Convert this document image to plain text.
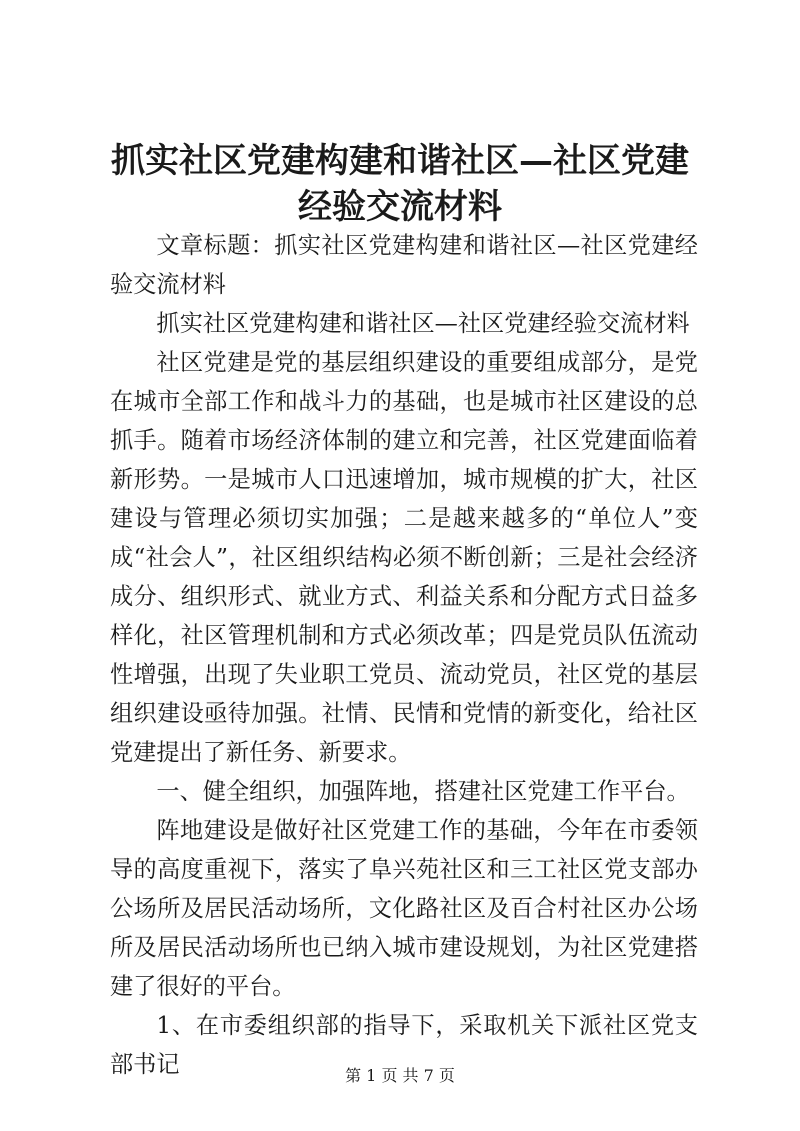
抓实社区党建构建和谐社区—社区党建经验交流材料

文章标题：抓实社区党建构建和谐社区—社区党建经验交流材料

抓实社区党建构建和谐社区—社区党建经验交流材料

社区党建是党的基层组织建设的重要组成部分，是党在城市全部工作和战斗力的基础，也是城市社区建设的总抓手。随着市场经济体制的建立和完善，社区党建面临着新形势。一是城市人口迅速增加，城市规模的扩大，社区建设与管理必须切实加强；二是越来越多的“单位人”变成“社会人”，社区组织结构必须不断创新；三是社会经济成分、组织形式、就业方式、利益关系和分配方式日益多样化，社区管理机制和方式必须改革；四是党员队伍流动性增强，出现了失业职工党员、流动党员，社区党的基层组织建设亟待加强。社情、民情和党情的新变化，给社区党建提出了新任务、新要求。

一、健全组织，加强阵地，搭建社区党建工作平台。

阵地建设是做好社区党建工作的基础，今年在市委领导的高度重视下，落实了阜兴苑社区和三工社区党支部办公场所及居民活动场所，文化路社区及百合村社区办公场所及居民活动场所也已纳入城市建设规划，为社区党建搭建了很好的平台。

1、在市委组织部的指导下，采取机关下派社区党支部书记	第 1 页 共 7 页
